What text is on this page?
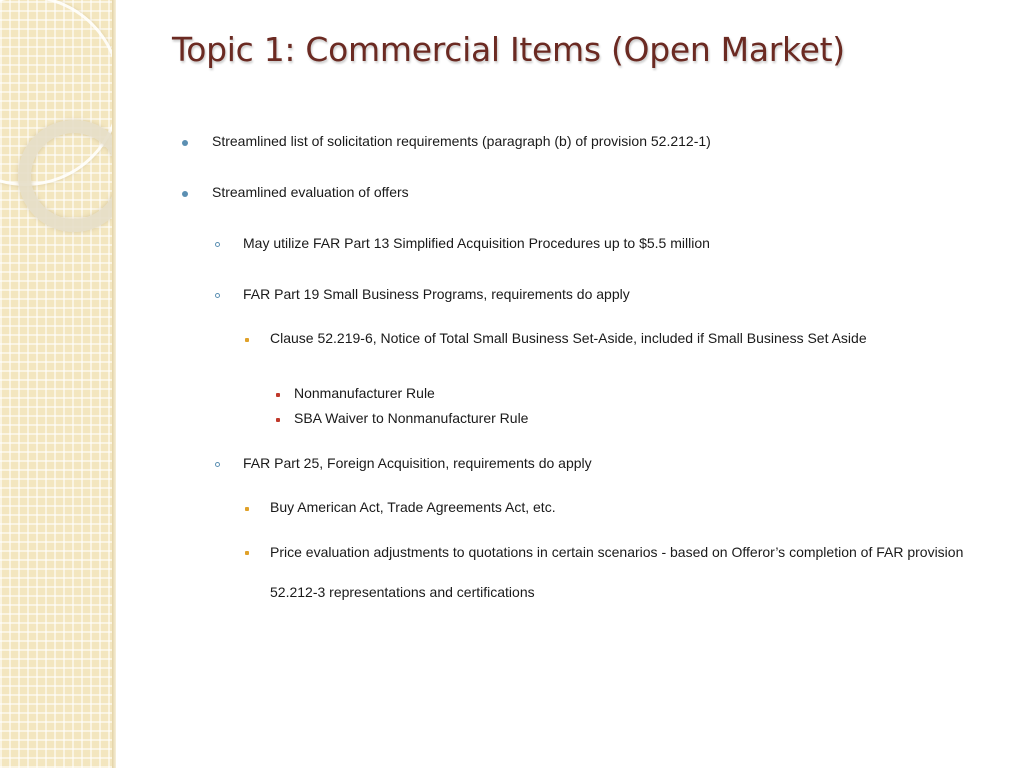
Topic 1: Commercial Items (Open Market)
Streamlined list of solicitation requirements (paragraph (b) of provision 52.212-1)
Streamlined evaluation of offers
May utilize FAR Part 13 Simplified Acquisition Procedures up to $5.5 million
FAR Part 19 Small Business Programs, requirements do apply
Clause 52.219-6, Notice of Total Small Business Set-Aside, included if Small Business Set Aside
Nonmanufacturer Rule
SBA Waiver to Nonmanufacturer Rule
FAR Part 25, Foreign Acquisition, requirements do apply
Buy American Act, Trade Agreements Act, etc.
Price evaluation adjustments to quotations in certain scenarios - based on Offeror’s completion of FAR provision 52.212-3 representations and certifications
